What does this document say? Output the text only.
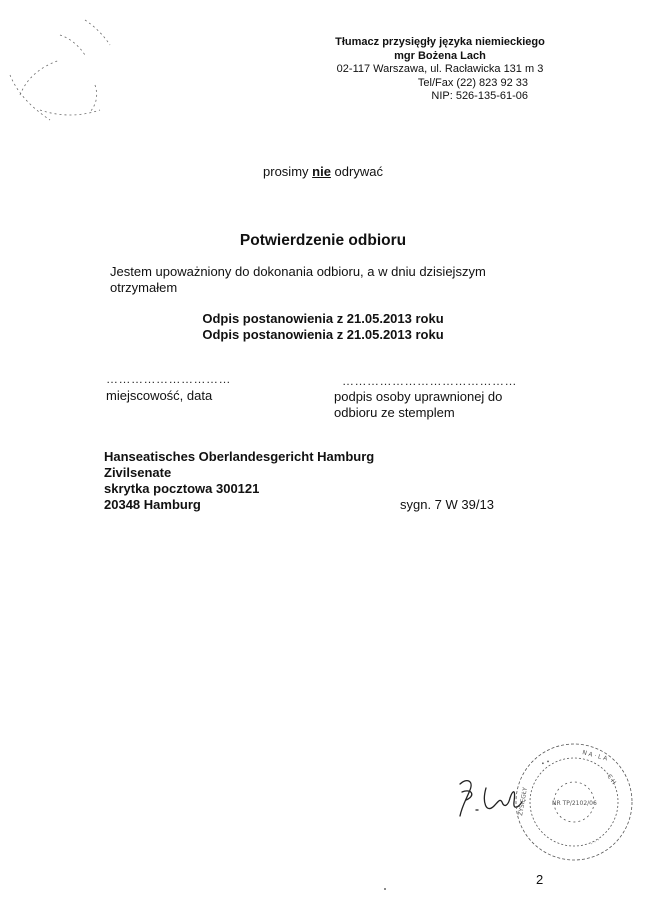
Tłumacz przysięgły języka niemieckiego
mgr Bożena Lach
02-117 Warszawa, ul. Racławicka 131 m 3
Tel/Fax (22) 823 92 33
NIP: 526-135-61-06
prosimy nie odrywać
Potwierdzenie odbioru
Jestem upoważniony do dokonania odbioru, a w dniu dzisiejszym otrzymałem
Odpis postanowienia z 21.05.2013 roku
Odpis postanowienia z 21.05.2013 roku
…………………………
miejscowość, data
……………………………………
podpis osoby uprawnionej do
odbioru ze stemplem
Hanseatisches Oberlandesgericht Hamburg
Zivilsenate
skrytka pocztowa 300121
20348 Hamburg	sygn. 7 W 39/13
• •
N A · L A
C H
ZYSIĘGŁY
· · ·
NR TP/2102/06
2
